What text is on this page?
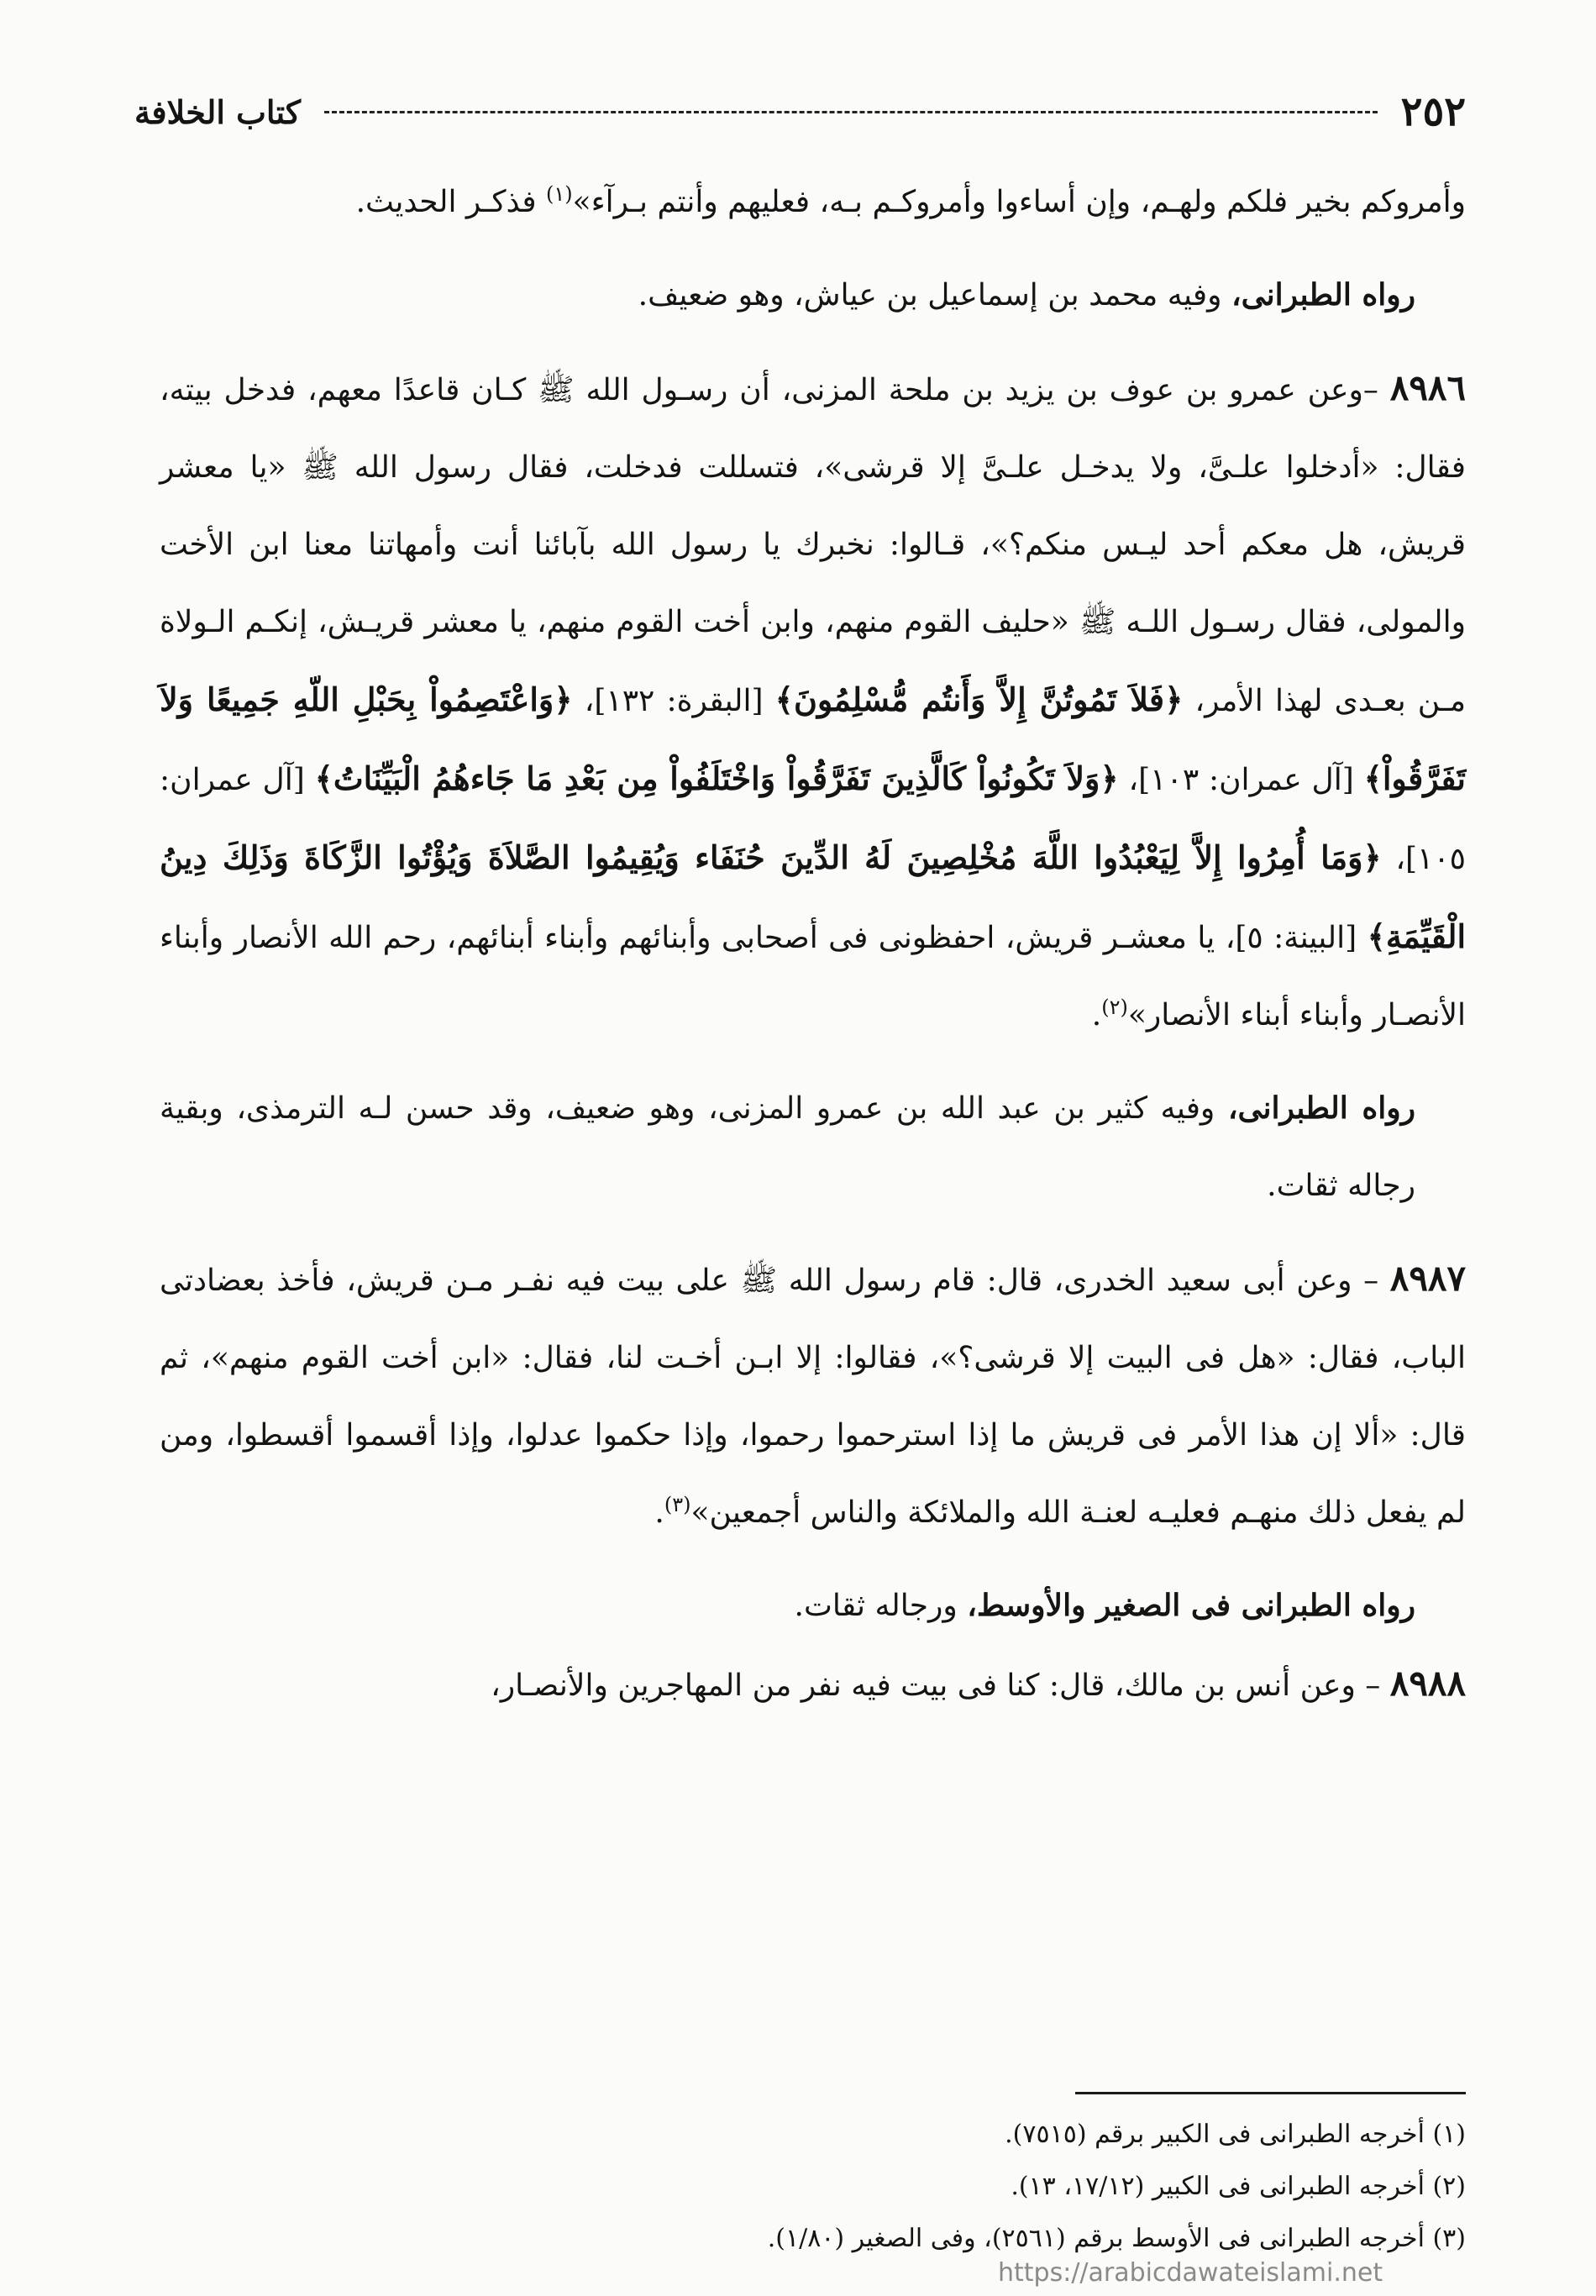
٢٥٢
كتاب الخلافة

وأمروكم بخير فلكم ولهـم، وإن أساءوا وأمروكـم بـه، فعليهم وأنتم بـرآء»$^{(١)}$ فذكـر الحديث.

رواه الطبرانى، وفيه محمد بن إسماعيل بن عياش، وهو ضعيف.

٨٩٨٦ –وعن عمرو بن عوف بن يزيد بن ملحة المزنى، أن رسـول الله ﷺ كـان قاعدًا معهم، فدخل بيته، فقال: «أدخلوا علـىَّ، ولا يدخـل علـىَّ إلا قرشى»، فتسللت فدخلت، فقال رسول الله ﷺ «يا معشر قريش، هل معكم أحد ليـس منكم؟»، قـالوا: نخبرك يا رسول الله بآبائنا أنت وأمهاتنا معنا ابن الأخت والمولى، فقال رسـول اللـه ﷺ «حليف القوم منهم، وابن أخت القوم منهم، يا معشر قريـش، إنكـم الـولاة مـن بعـدى لهذا الأمر، ﴿فَلاَ تَمُوتُنَّ إِلاَّ وَأَنتُم مُّسْلِمُونَ﴾ [البقرة: ١٣٢]، ﴿وَاعْتَصِمُواْ بِحَبْلِ اللّهِ جَمِيعًا وَلاَ تَفَرَّقُواْ﴾ [آل عمران: ١٠٣]، ﴿وَلاَ تَكُونُواْ كَالَّذِينَ تَفَرَّقُواْ وَاخْتَلَفُواْ مِن بَعْدِ مَا جَاءهُمُ الْبَيِّنَاتُ﴾ [آل عمران: ١٠٥]، ﴿وَمَا أُمِرُوا إِلاَّ لِيَعْبُدُوا اللَّهَ مُخْلِصِينَ لَهُ الدِّينَ حُنَفَاء وَيُقِيمُوا الصَّلاَةَ وَيُؤْتُوا الزَّكَاةَ وَذَلِكَ دِينُ الْقَيِّمَةِ﴾ [البينة: ٥]، يا معشـر قريش، احفظونى فى أصحابى وأبنائهم وأبناء أبنائهم، رحم الله الأنصار وأبناء الأنصـار وأبناء أبناء الأنصار»$^{(٢)}$.

رواه الطبرانى، وفيه كثير بن عبد الله بن عمرو المزنى، وهو ضعيف، وقد حسن لـه الترمذى، وبقية رجاله ثقات.

٨٩٨٧ – وعن أبى سعيد الخدرى، قال: قام رسول الله ﷺ على بيت فيه نفـر مـن قريش، فأخذ بعضادتى الباب، فقال: «هل فى البيت إلا قرشى؟»، فقالوا: إلا ابـن أخـت لنا، فقال: «ابن أخت القوم منهم»، ثم قال: «ألا إن هذا الأمر فى قريش ما إذا استرحموا رحموا، وإذا حكموا عدلوا، وإذا أقسموا أقسطوا، ومن لم يفعل ذلك منهـم فعليـه لعنـة الله والملائكة والناس أجمعين»$^{(٣)}$.

رواه الطبرانى فى الصغير والأوسط، ورجاله ثقات.

٨٩٨٨ – وعن أنس بن مالك، قال: كنا فى بيت فيه نفر من المهاجرين والأنصـار،

(١) أخرجه الطبرانى فى الكبير برقم (٧٥١٥).

(٢) أخرجه الطبرانى فى الكبير (١٧/١٢، ١٣).

(٣) أخرجه الطبرانى فى الأوسط برقم (٢٥٦١)، وفى الصغير (١/٨٠).

https://arabicdawateislami.net
